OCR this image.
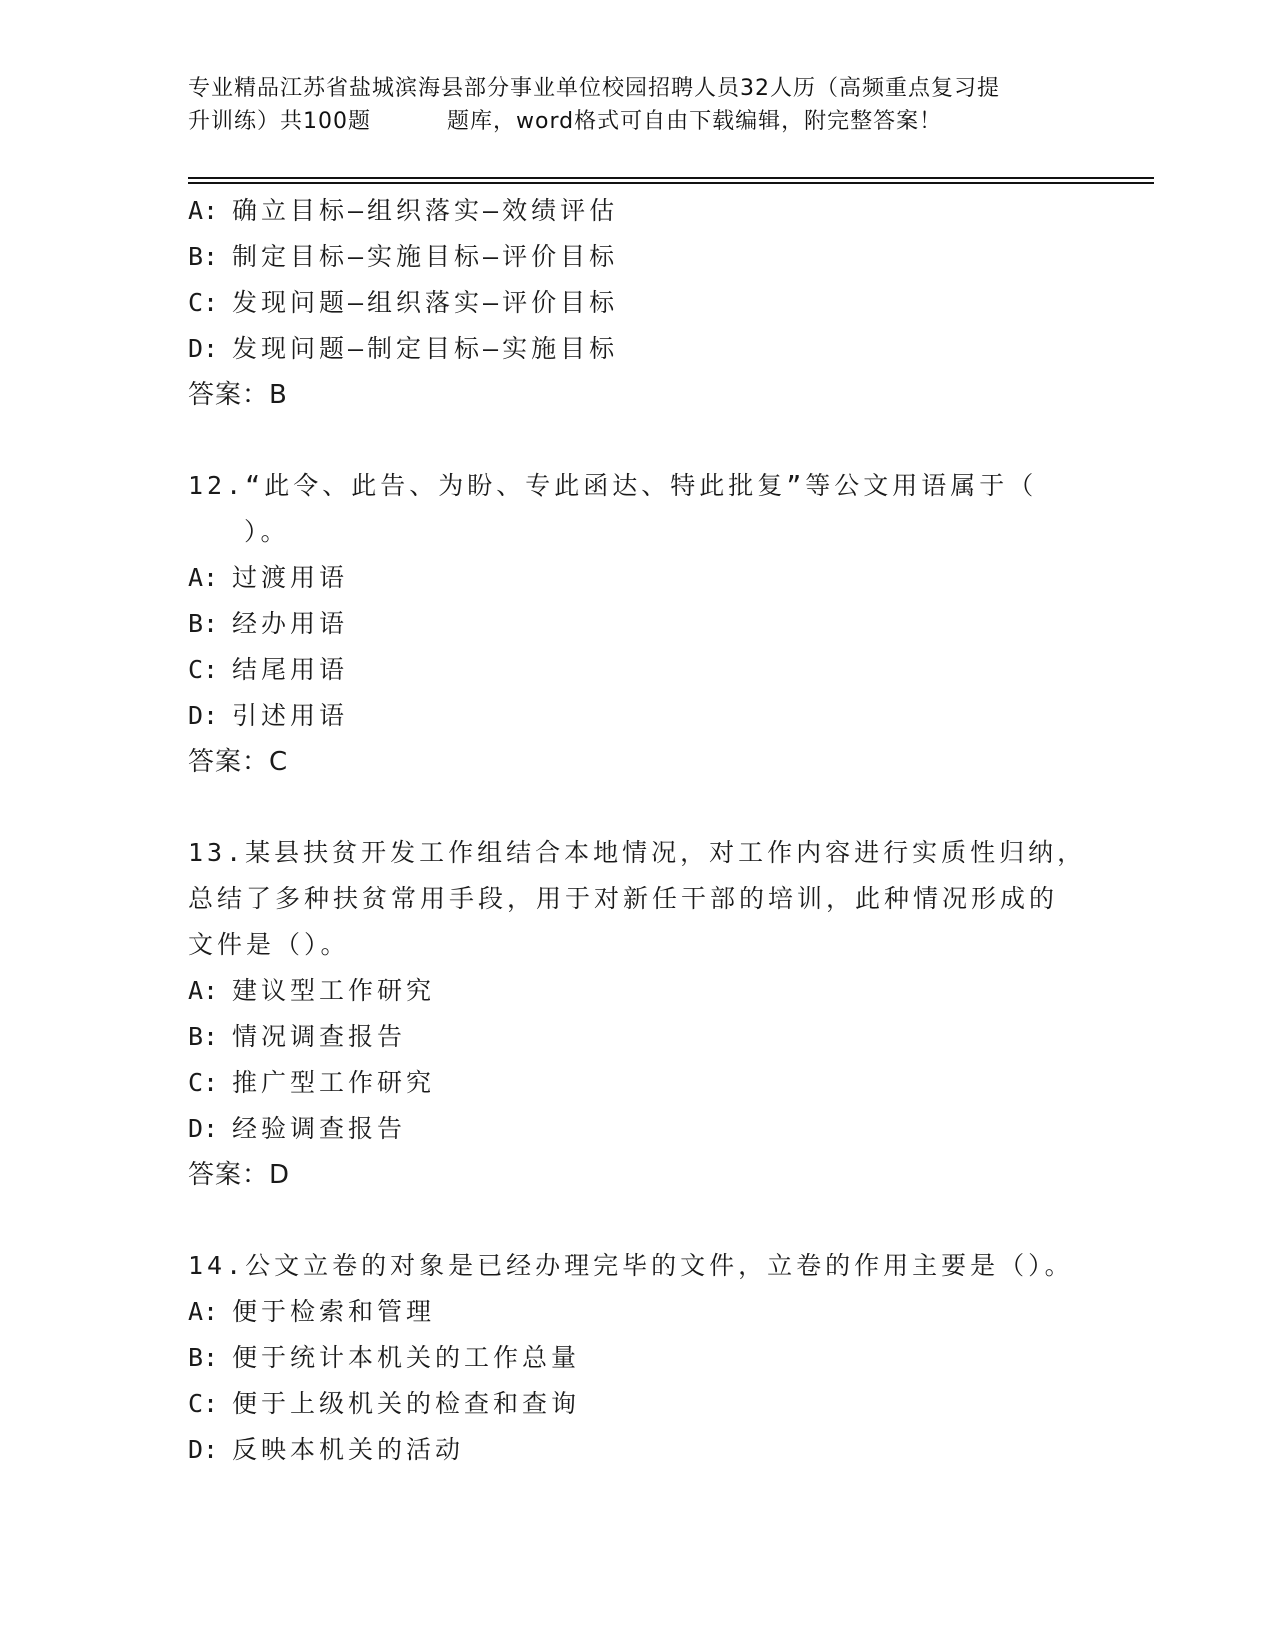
专业精品江苏省盐城滨海县部分事业单位校园招聘人员32人历（高频重点复习提
升训练）共100题	题库，word格式可自由下载编辑，附完整答案！
A: 确立目标—组织落实—效绩评估
B: 制定目标—实施目标—评价目标
C: 发现问题—组织落实—评价目标
D: 发现问题—制定目标—实施目标
答案：B
12.“此令、此告、为盼、专此函达、特此批复”等公文用语属于（
）。
A: 过渡用语
B: 经办用语
C: 结尾用语
D: 引述用语
答案：C
13.某县扶贫开发工作组结合本地情况，对工作内容进行实质性归纳，
总结了多种扶贫常用手段，用于对新任干部的培训，此种情况形成的
文件是（）。
A: 建议型工作研究
B: 情况调查报告
C: 推广型工作研究
D: 经验调查报告
答案：D
14.公文立卷的对象是已经办理完毕的文件，立卷的作用主要是（）。
A: 便于检索和管理
B: 便于统计本机关的工作总量
C: 便于上级机关的检查和查询
D: 反映本机关的活动
